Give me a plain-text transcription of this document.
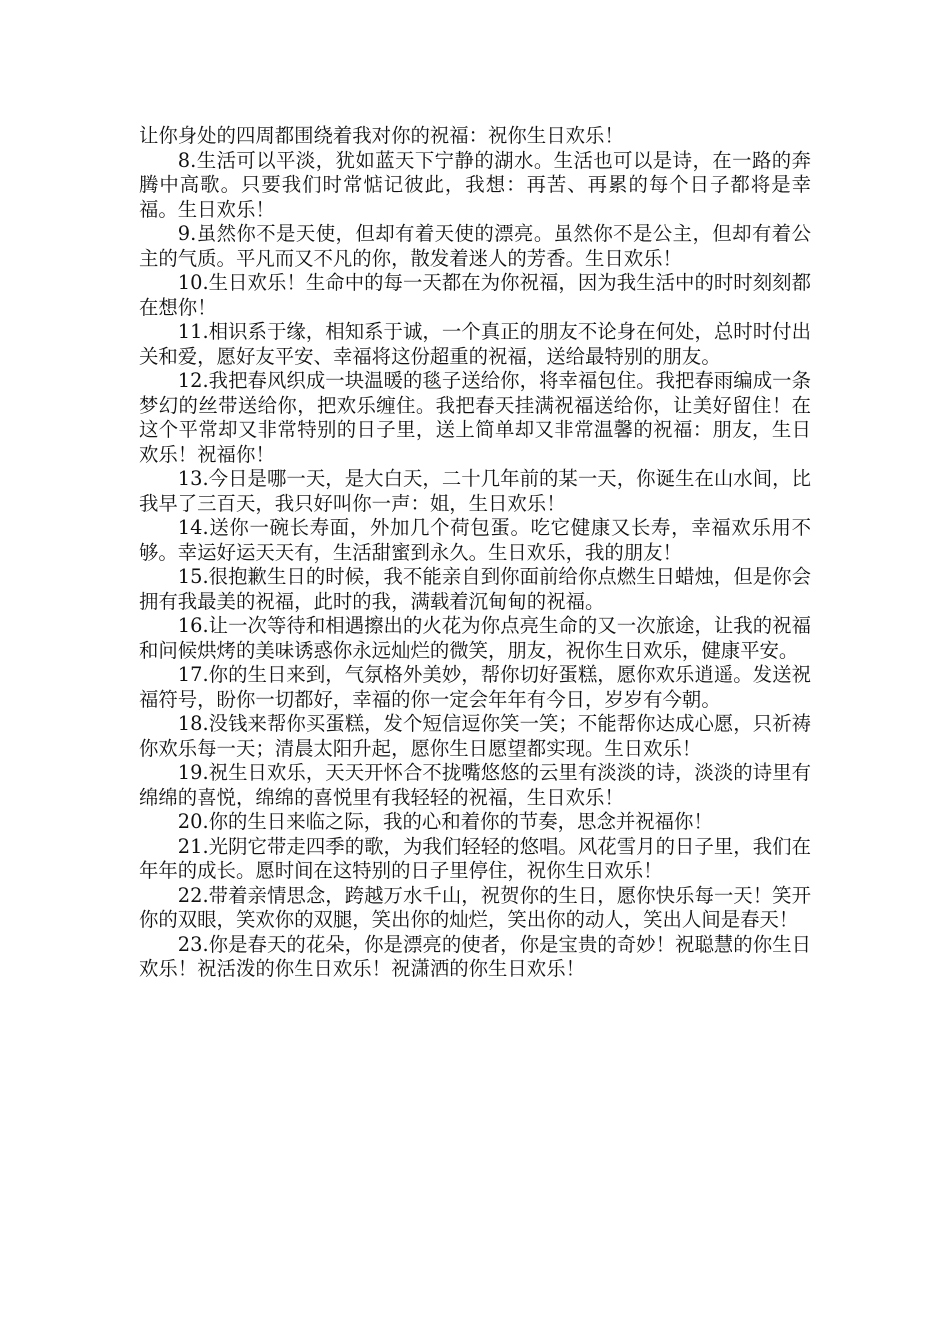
让你身处的四周都围绕着我对你的祝福：祝你生日欢乐！

8.生活可以平淡，犹如蓝天下宁静的湖水。生活也可以是诗，在一路的奔腾中高歌。只要我们时常惦记彼此，我想：再苦、再累的每个日子都将是幸福。生日欢乐！

9.虽然你不是天使，但却有着天使的漂亮。虽然你不是公主，但却有着公主的气质。平凡而又不凡的你，散发着迷人的芳香。生日欢乐！

10.生日欢乐！生命中的每一天都在为你祝福，因为我生活中的时时刻刻都在想你！

11.相识系于缘，相知系于诚，一个真正的朋友不论身在何处，总时时付出关和爱，愿好友平安、幸福将这份超重的祝福，送给最特别的朋友。

12.我把春风织成一块温暖的毯子送给你，将幸福包住。我把春雨编成一条梦幻的丝带送给你，把欢乐缠住。我把春天挂满祝福送给你，让美好留住！在这个平常却又非常特别的日子里，送上简单却又非常温馨的祝福：朋友，生日欢乐！祝福你！

13.今日是哪一天，是大白天，二十几年前的某一天，你诞生在山水间，比我早了三百天，我只好叫你一声：姐，生日欢乐！

14.送你一碗长寿面，外加几个荷包蛋。吃它健康又长寿，幸福欢乐用不够。幸运好运天天有，生活甜蜜到永久。生日欢乐，我的朋友！

15.很抱歉生日的时候，我不能亲自到你面前给你点燃生日蜡烛，但是你会拥有我最美的祝福，此时的我，满载着沉甸甸的祝福。

16.让一次等待和相遇擦出的火花为你点亮生命的又一次旅途，让我的祝福和问候烘烤的美味诱惑你永远灿烂的微笑，朋友，祝你生日欢乐，健康平安。

17.你的生日来到，气氛格外美妙，帮你切好蛋糕，愿你欢乐逍遥。发送祝福符号，盼你一切都好，幸福的你一定会年年有今日，岁岁有今朝。

18.没钱来帮你买蛋糕，发个短信逗你笑一笑；不能帮你达成心愿，只祈祷你欢乐每一天；清晨太阳升起，愿你生日愿望都实现。生日欢乐！

19.祝生日欢乐，天天开怀合不拢嘴悠悠的云里有淡淡的诗，淡淡的诗里有绵绵的喜悦，绵绵的喜悦里有我轻轻的祝福，生日欢乐！

20.你的生日来临之际，我的心和着你的节奏，思念并祝福你！

21.光阴它带走四季的歌，为我们轻轻的悠唱。风花雪月的日子里，我们在年年的成长。愿时间在这特别的日子里停住，祝你生日欢乐！

22.带着亲情思念，跨越万水千山，祝贺你的生日，愿你快乐每一天！笑开你的双眼，笑欢你的双腿，笑出你的灿烂，笑出你的动人，笑出人间是春天！

23.你是春天的花朵，你是漂亮的使者，你是宝贵的奇妙！祝聪慧的你生日欢乐！祝活泼的你生日欢乐！祝潇洒的你生日欢乐！
